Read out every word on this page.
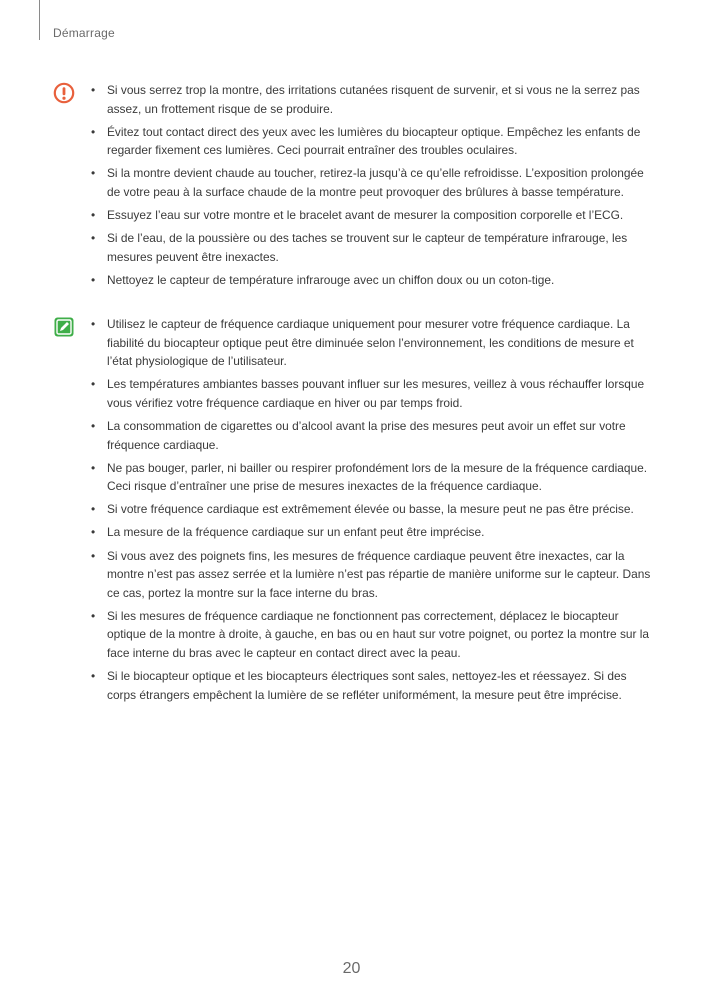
Démarrage
• Si vous serrez trop la montre, des irritations cutanées risquent de survenir, et si vous ne la serrez pas assez, un frottement risque de se produire.
• Évitez tout contact direct des yeux avec les lumières du biocapteur optique. Empêchez les enfants de regarder fixement ces lumières. Ceci pourrait entraîner des troubles oculaires.
• Si la montre devient chaude au toucher, retirez-la jusqu’à ce qu’elle refroidisse. L’exposition prolongée de votre peau à la surface chaude de la montre peut provoquer des brûlures à basse température.
• Essuyez l’eau sur votre montre et le bracelet avant de mesurer la composition corporelle et l’ECG.
• Si de l’eau, de la poussière ou des taches se trouvent sur le capteur de température infrarouge, les mesures peuvent être inexactes.
• Nettoyez le capteur de température infrarouge avec un chiffon doux ou un coton-tige.
• Utilisez le capteur de fréquence cardiaque uniquement pour mesurer votre fréquence cardiaque. La fiabilité du biocapteur optique peut être diminuée selon l’environnement, les conditions de mesure et l’état physiologique de l’utilisateur.
• Les températures ambiantes basses pouvant influer sur les mesures, veillez à vous réchauffer lorsque vous vérifiez votre fréquence cardiaque en hiver ou par temps froid.
• La consommation de cigarettes ou d’alcool avant la prise des mesures peut avoir un effet sur votre fréquence cardiaque.
• Ne pas bouger, parler, ni bailler ou respirer profondément lors de la mesure de la fréquence cardiaque. Ceci risque d’entraîner une prise de mesures inexactes de la fréquence cardiaque.
• Si votre fréquence cardiaque est extrêmement élevée ou basse, la mesure peut ne pas être précise.
• La mesure de la fréquence cardiaque sur un enfant peut être imprécise.
• Si vous avez des poignets fins, les mesures de fréquence cardiaque peuvent être inexactes, car la montre n’est pas assez serrée et la lumière n’est pas répartie de manière uniforme sur le capteur. Dans ce cas, portez la montre sur la face interne du bras.
• Si les mesures de fréquence cardiaque ne fonctionnent pas correctement, déplacez le biocapteur optique de la montre à droite, à gauche, en bas ou en haut sur votre poignet, ou portez la montre sur la face interne du bras avec le capteur en contact direct avec la peau.
• Si le biocapteur optique et les biocapteurs électriques sont sales, nettoyez-les et réessayez. Si des corps étrangers empêchent la lumière de se refléter uniformément, la mesure peut être imprécise.
20
